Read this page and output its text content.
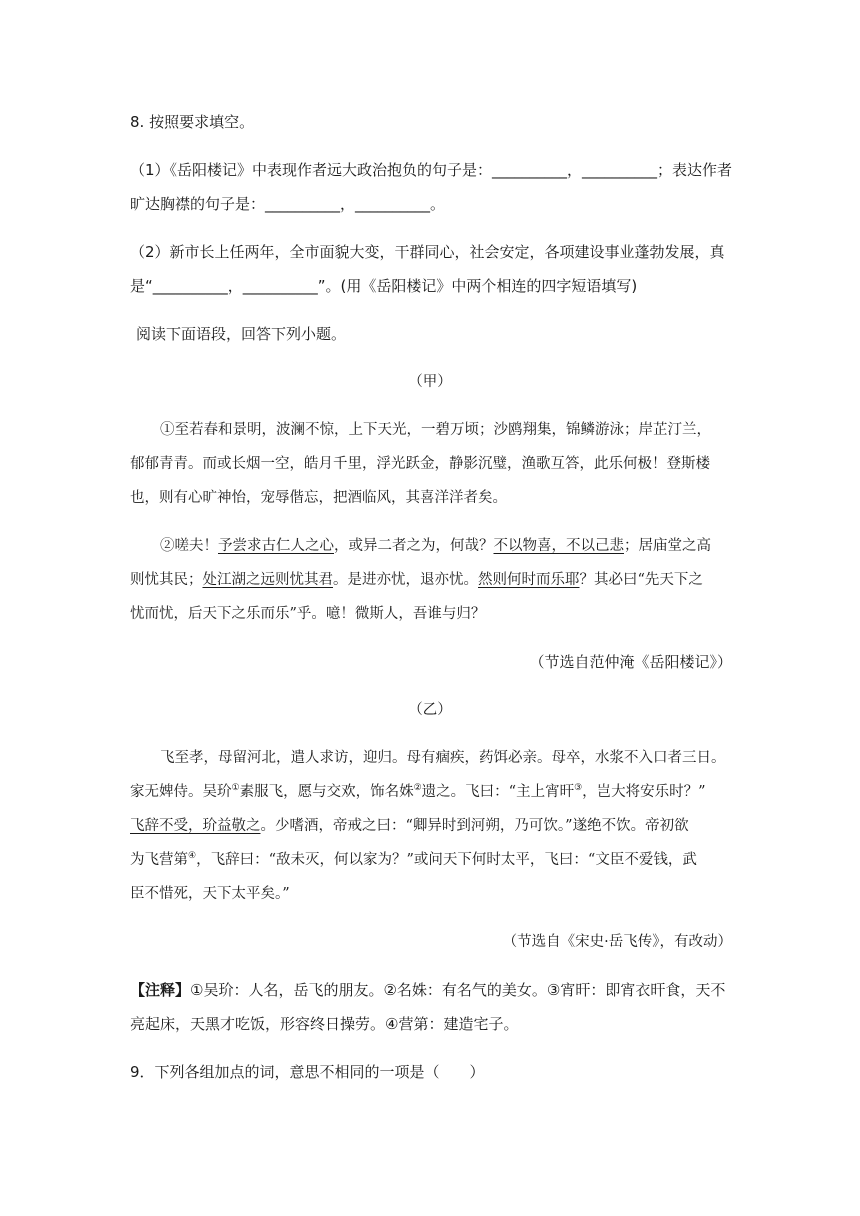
8. 按照要求填空。
（1）《岳阳楼记》中表现作者远大政治抱负的句子是：__________，__________；表达作者
旷达胸襟的句子是：__________，__________。
（2）新市长上任两年，全市面貌大变，干群同心，社会安定，各项建设事业蓬勃发展，真
是“__________，__________”。(用《岳阳楼记》中两个相连的四字短语填写)
阅读下面语段，回答下列小题。
（甲）
①至若春和景明，波澜不惊，上下天光，一碧万顷；沙鸥翔集，锦鳞游泳；岸芷汀兰，
郁郁青青。而或长烟一空，皓月千里，浮光跃金，静影沉璧，渔歌互答，此乐何极！登斯楼
也，则有心旷神怡，宠辱偕忘，把酒临风，其喜洋洋者矣。
②嗟夫！予尝求古仁人之心，或异二者之为，何哉？不以物喜，不以己悲；居庙堂之高
则忧其民；处江湖之远则忧其君。是进亦忧，退亦忧。然则何时而乐耶？其必曰“先天下之
忧而忧，后天下之乐而乐”乎。噫！微斯人，吾谁与归？
（节选自范仲淹《岳阳楼记》）
（乙）
飞至孝，母留河北，遣人求访，迎归。母有痼疾，药饵必亲。母卒，水浆不入口者三日。
家无婢侍。吴玠①素服飞，愿与交欢，饰名姝②遗之。飞曰：“主上宵旰③，岂大将安乐时？”
飞辞不受，玠益敬之。少嗜酒，帝戒之曰：“卿异时到河朔，乃可饮。”遂绝不饮。帝初欲
为飞营第④，飞辞曰：“敌未灭，何以家为？”或问天下何时太平，飞曰：“文臣不爱钱，武
臣不惜死，天下太平矣。”
（节选自《宋史·岳飞传》，有改动）
【注释】①吴玠：人名，岳飞的朋友。②名姝：有名气的美女。③宵旰：即宵衣旰食，天不
亮起床，天黑才吃饭，形容终日操劳。④营第：建造宅子。
9．下列各组加点的词，意思不相同的一项是（　　）
